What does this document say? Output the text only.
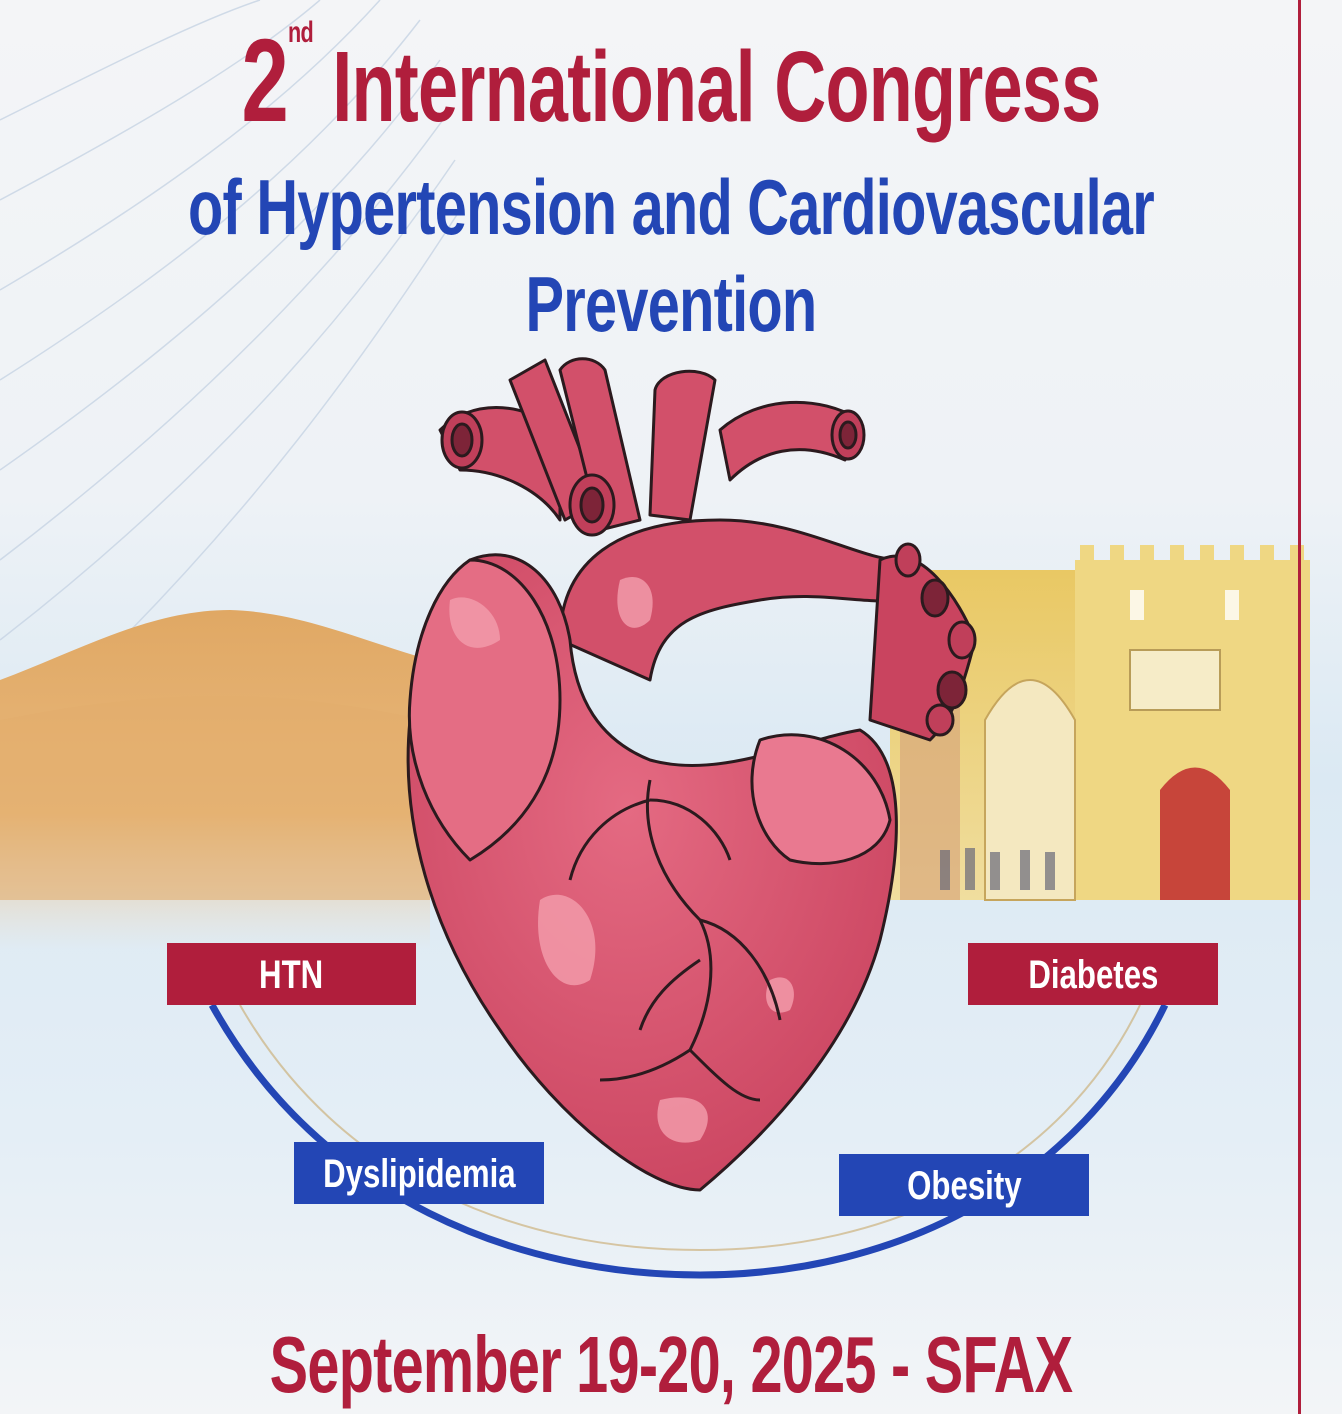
2nd International Congress
of Hypertension and Cardiovascular
Prevention
HTN	Diabetes
Dyslipidemia	Obesity
September 19-20, 2025 - SFAX
